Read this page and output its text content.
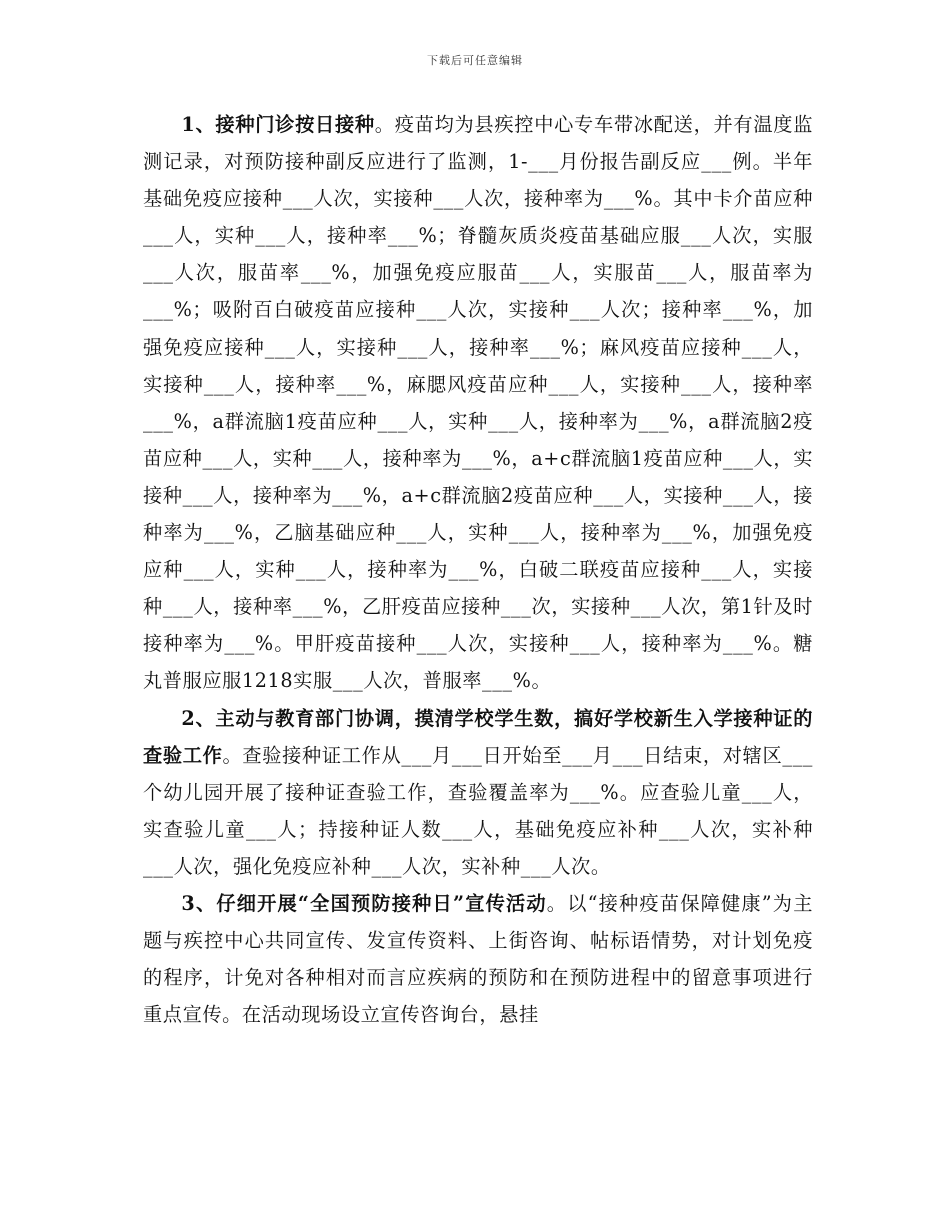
下载后可任意编辑

1、接种门诊按日接种。疫苗均为县疾控中心专车带冰配送，并有温度监测记录，对预防接种副反应进行了监测，1-___月份报告副反应___例。半年基础免疫应接种___人次，实接种___人次，接种率为___%。其中卡介苗应种___人，实种___人，接种率___%；脊髓灰质炎疫苗基础应服___人次，实服___人次，服苗率___%，加强免疫应服苗___人，实服苗___人，服苗率为___%；吸附百白破疫苗应接种___人次，实接种___人次；接种率___%，加强免疫应接种___人，实接种___人，接种率___%；麻风疫苗应接种___人，实接种___人，接种率___%，麻腮风疫苗应种___人，实接种___人，接种率___%，a群流脑1疫苗应种___人，实种___人，接种率为___%，a群流脑2疫苗应种___人，实种___人，接种率为___%，a+c群流脑1疫苗应种___人，实接种___人，接种率为___%，a+c群流脑2疫苗应种___人，实接种___人，接种率为___%，乙脑基础应种___人，实种___人，接种率为___%，加强免疫应种___人，实种___人，接种率为___%，白破二联疫苗应接种___人，实接种___人，接种率___%，乙肝疫苗应接种___次，实接种___人次，第1针及时接种率为___%。甲肝疫苗接种___人次，实接种___人，接种率为___%。糖丸普服应服1218实服___人次，普服率___%。

2、主动与教育部门协调，摸清学校学生数，搞好学校新生入学接种证的查验工作。查验接种证工作从___月___日开始至___月___日结束，对辖区___个幼儿园开展了接种证查验工作，查验覆盖率为___%。应查验儿童___人，实查验儿童___人；持接种证人数___人，基础免疫应补种___人次，实补种___人次，强化免疫应补种___人次，实补种___人次。

3、仔细开展“全国预防接种日”宣传活动。以“接种疫苗保障健康”为主题与疾控中心共同宣传、发宣传资料、上街咨询、帖标语情势，对计划免疫的程序，计免对各种相对而言应疾病的预防和在预防进程中的留意事项进行重点宣传。在活动现场设立宣传咨询台，悬挂
